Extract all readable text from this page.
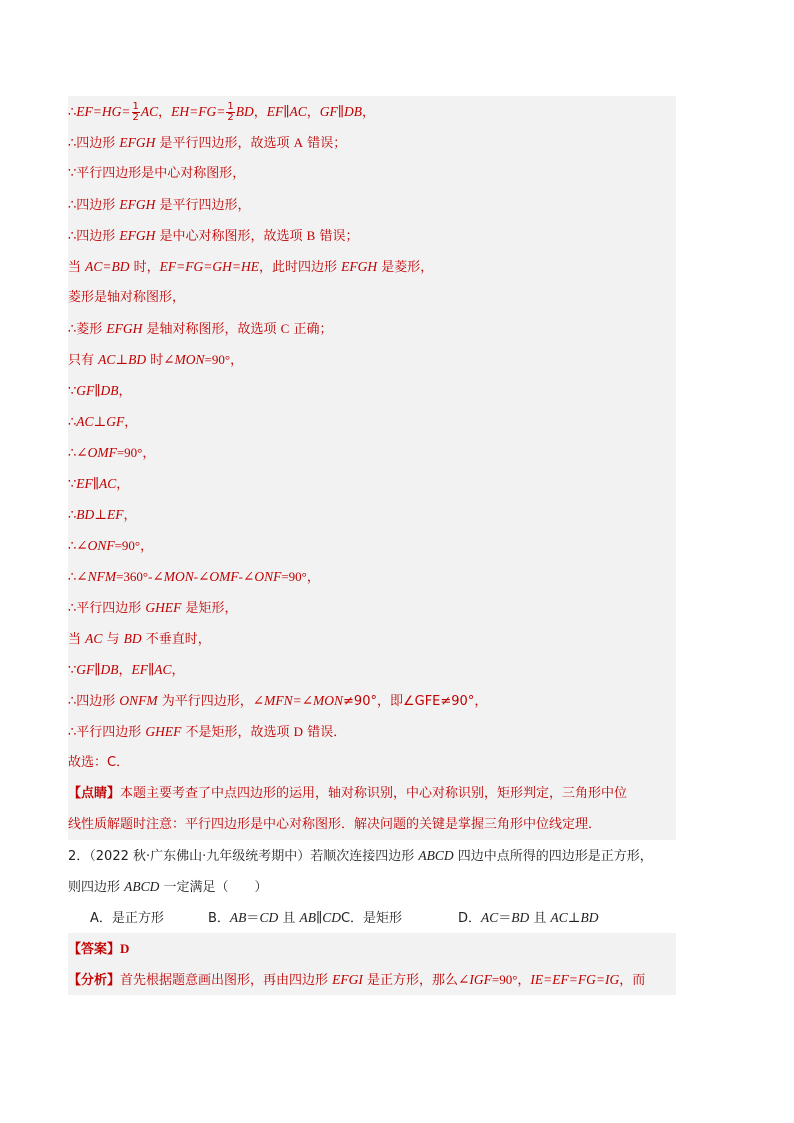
∴EF=HG= $\frac{1}{2}$ AC，$EH=FG= \frac{1}{2}$ BD，EF∥AC，GF∥DB，
∴四边形 EFGH 是平行四边形，故选项 A 错误；
∵平行四边形是中心对称图形，
∴四边形 EFGH 是平行四边形，
∴四边形 EFGH 是中心对称图形，故选项 B 错误；
当 AC=BD 时，EF=FG=GH=HE，此时四边形 EFGH 是菱形，
菱形是轴对称图形，
∴菱形 EFGH 是轴对称图形，故选项 C 正确；
只有 AC⊥BD 时∠MON=90°，
∵GF∥DB，
∴AC⊥GF，
∴∠OMF=90°，
∵EF∥AC，
∴BD⊥EF，
∴∠ONF=90°，
∴∠NFM=360°-∠MON-∠OMF-∠ONF=90°，
∴平行四边形 GHEF 是矩形，
当 AC 与 BD 不垂直时，
∵GF∥DB，EF∥AC，
∴四边形 ONFM 为平行四边形，∠MFN=∠MON≠90°，即∠GFE≠90°，
∴平行四边形 GHEF 不是矩形，故选项 D 错误．
故选：C．
【点睛】本题主要考查了中点四边形的运用，轴对称识别，中心对称识别，矩形判定，三角形中位
线性质解题时注意：平行四边形是中心对称图形．解决问题的关键是掌握三角形中位线定理．
2．（2022 秋·广东佛山·九年级统考期中）若顺次连接四边形 ABCD 四边中点所得的四边形是正方形，
则四边形 ABCD 一定满足（　　）
A．是正方形	B．AB＝CD 且 AB∥CDC．是矩形	D．AC＝BD 且 AC⊥BD
【答案】D
【分析】首先根据题意画出图形，再由四边形 EFGI 是正方形，那么∠IGF=90°，IE=EF=FG=IG，而
